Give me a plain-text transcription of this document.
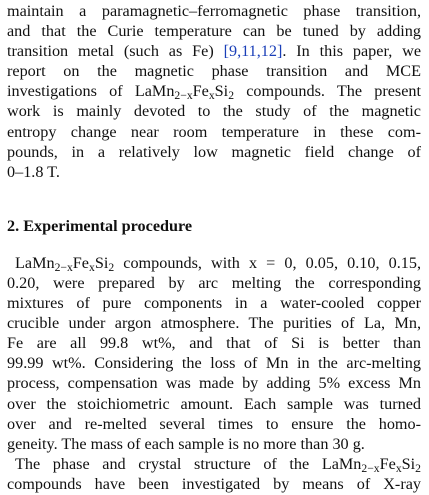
maintain a paramagnetic–ferromagnetic phase transition,
and that the Curie temperature can be tuned by adding
transition metal (such as Fe) [9,11,12]. In this paper, we
report on the magnetic phase transition and MCE
investigations of $LaMn_{2-x}Fe_xSi_2$ compounds. The present
work is mainly devoted to the study of the magnetic
entropy change near room temperature in these com-
pounds, in a relatively low magnetic field change of
0–1.8 T.
2. Experimental procedure
$LaMn_{2-x}Fe_xSi_2$ compounds, with x = 0, 0.05, 0.10, 0.15,
0.20, were prepared by arc melting the corresponding
mixtures of pure components in a water-cooled copper
crucible under argon atmosphere. The purities of La, Mn,
Fe are all 99.8 wt%, and that of Si is better than
99.99 wt%. Considering the loss of Mn in the arc-melting
process, compensation was made by adding 5% excess Mn
over the stoichiometric amount. Each sample was turned
over and re-melted several times to ensure the homo-
geneity. The mass of each sample is no more than 30 g.
The phase and crystal structure of the $LaMn_{2-x}Fe_xSi_2$
compounds have been investigated by means of X-ray
